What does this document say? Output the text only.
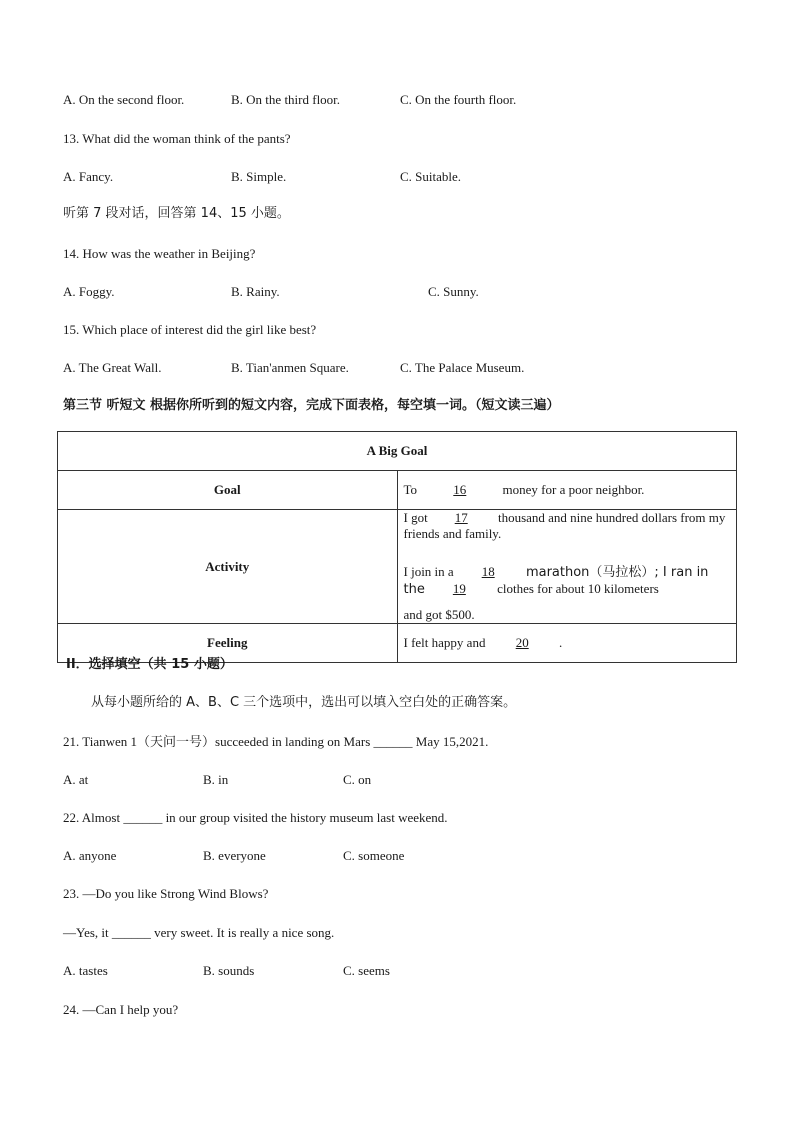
A. On the second floor.	B. On the third floor.	C. On the fourth floor.
13. What did the woman think of the pants?
A. Fancy.	B. Simple.	C. Suitable.
听第 7 段对话，回答第 14、15 小题。
14. How was the weather in Beijing?
A. Foggy.	B. Rainy.	C. Sunny.
15. Which place of interest did the girl like best?
A. The Great Wall.	B. Tian'anmen Square.	C. The Palace Museum.
第三节 听短文 根据你所听到的短文内容，完成下面表格，每空填一词。（短文读三遍）
A Big Goal	
Goal	To 16 money for a poor neighbor.
Activity	I got 17 thousand and nine hundred dollars from my friends and family.

I join in a 18 marathon（马拉松）; I ran in the 19 clothes for about 10 kilometers

and got $500.

Feeling	I felt happy and 20 .
II．选择填空（共 15 小题）
从每小题所给的 A、B、C 三个选项中，选出可以填入空白处的正确答案。
21. Tianwen 1（天问一号）succeeded in landing on Mars ______ May 15,2021.
A. at	B. in	C. on
22. Almost ______ in our group visited the history museum last weekend.
A. anyone	B. everyone	C. someone
23. —Do you like Strong Wind Blows?
—Yes, it ______ very sweet. It is really a nice song.
A. tastes	B. sounds	C. seems
24. —Can I help you?
